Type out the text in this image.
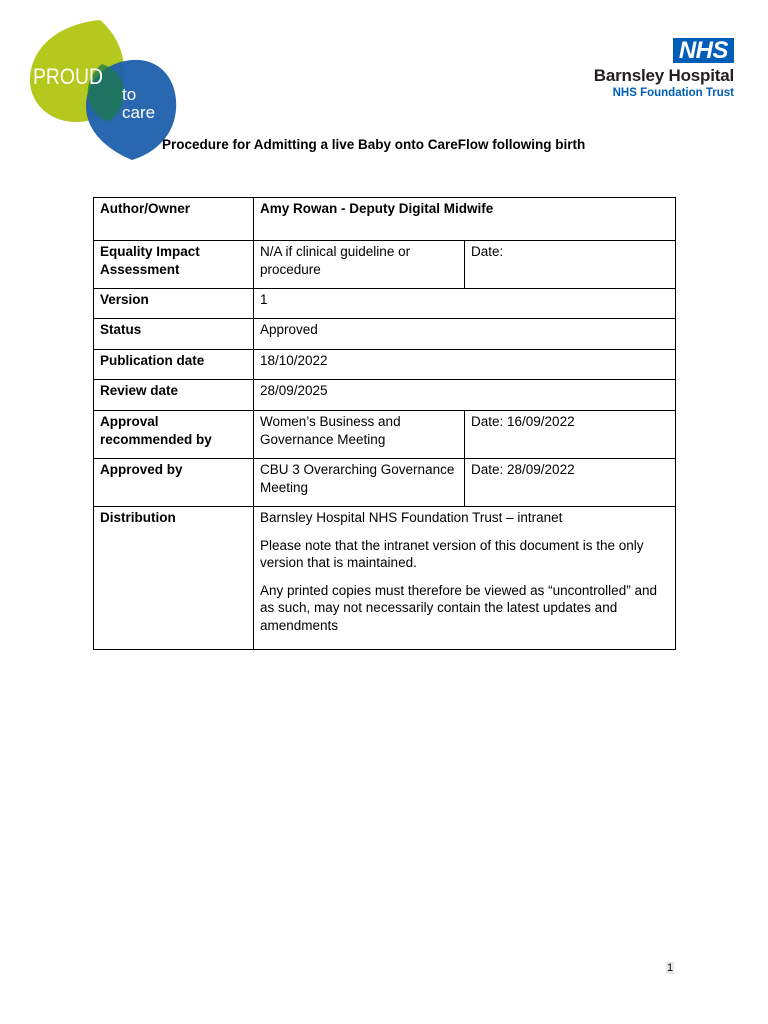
PROUD
to
care
NHS
Barnsley Hospital
NHS Foundation Trust
Procedure for Admitting a live Baby onto CareFlow following birth
Author/Owner	Amy Rowan - Deputy Digital Midwife	
Equality Impact Assessment	N/A if clinical guideline or procedure	Date:
Version	1	
Status	Approved	
Publication date	18/10/2022	
Review date	28/09/2025	
Approval recommended by	Women’s Business and Governance Meeting	Date: 16/09/2022
Approved by	CBU 3 Overarching Governance Meeting	Date: 28/09/2022
Distribution	Barnsley Hospital NHS Foundation Trust – intranet

Please note that the intranet version of this document is the only version that is maintained.

Any printed copies must therefore be viewed as “uncontrolled” and as such, may not necessarily contain the latest updates and amendments	

1
